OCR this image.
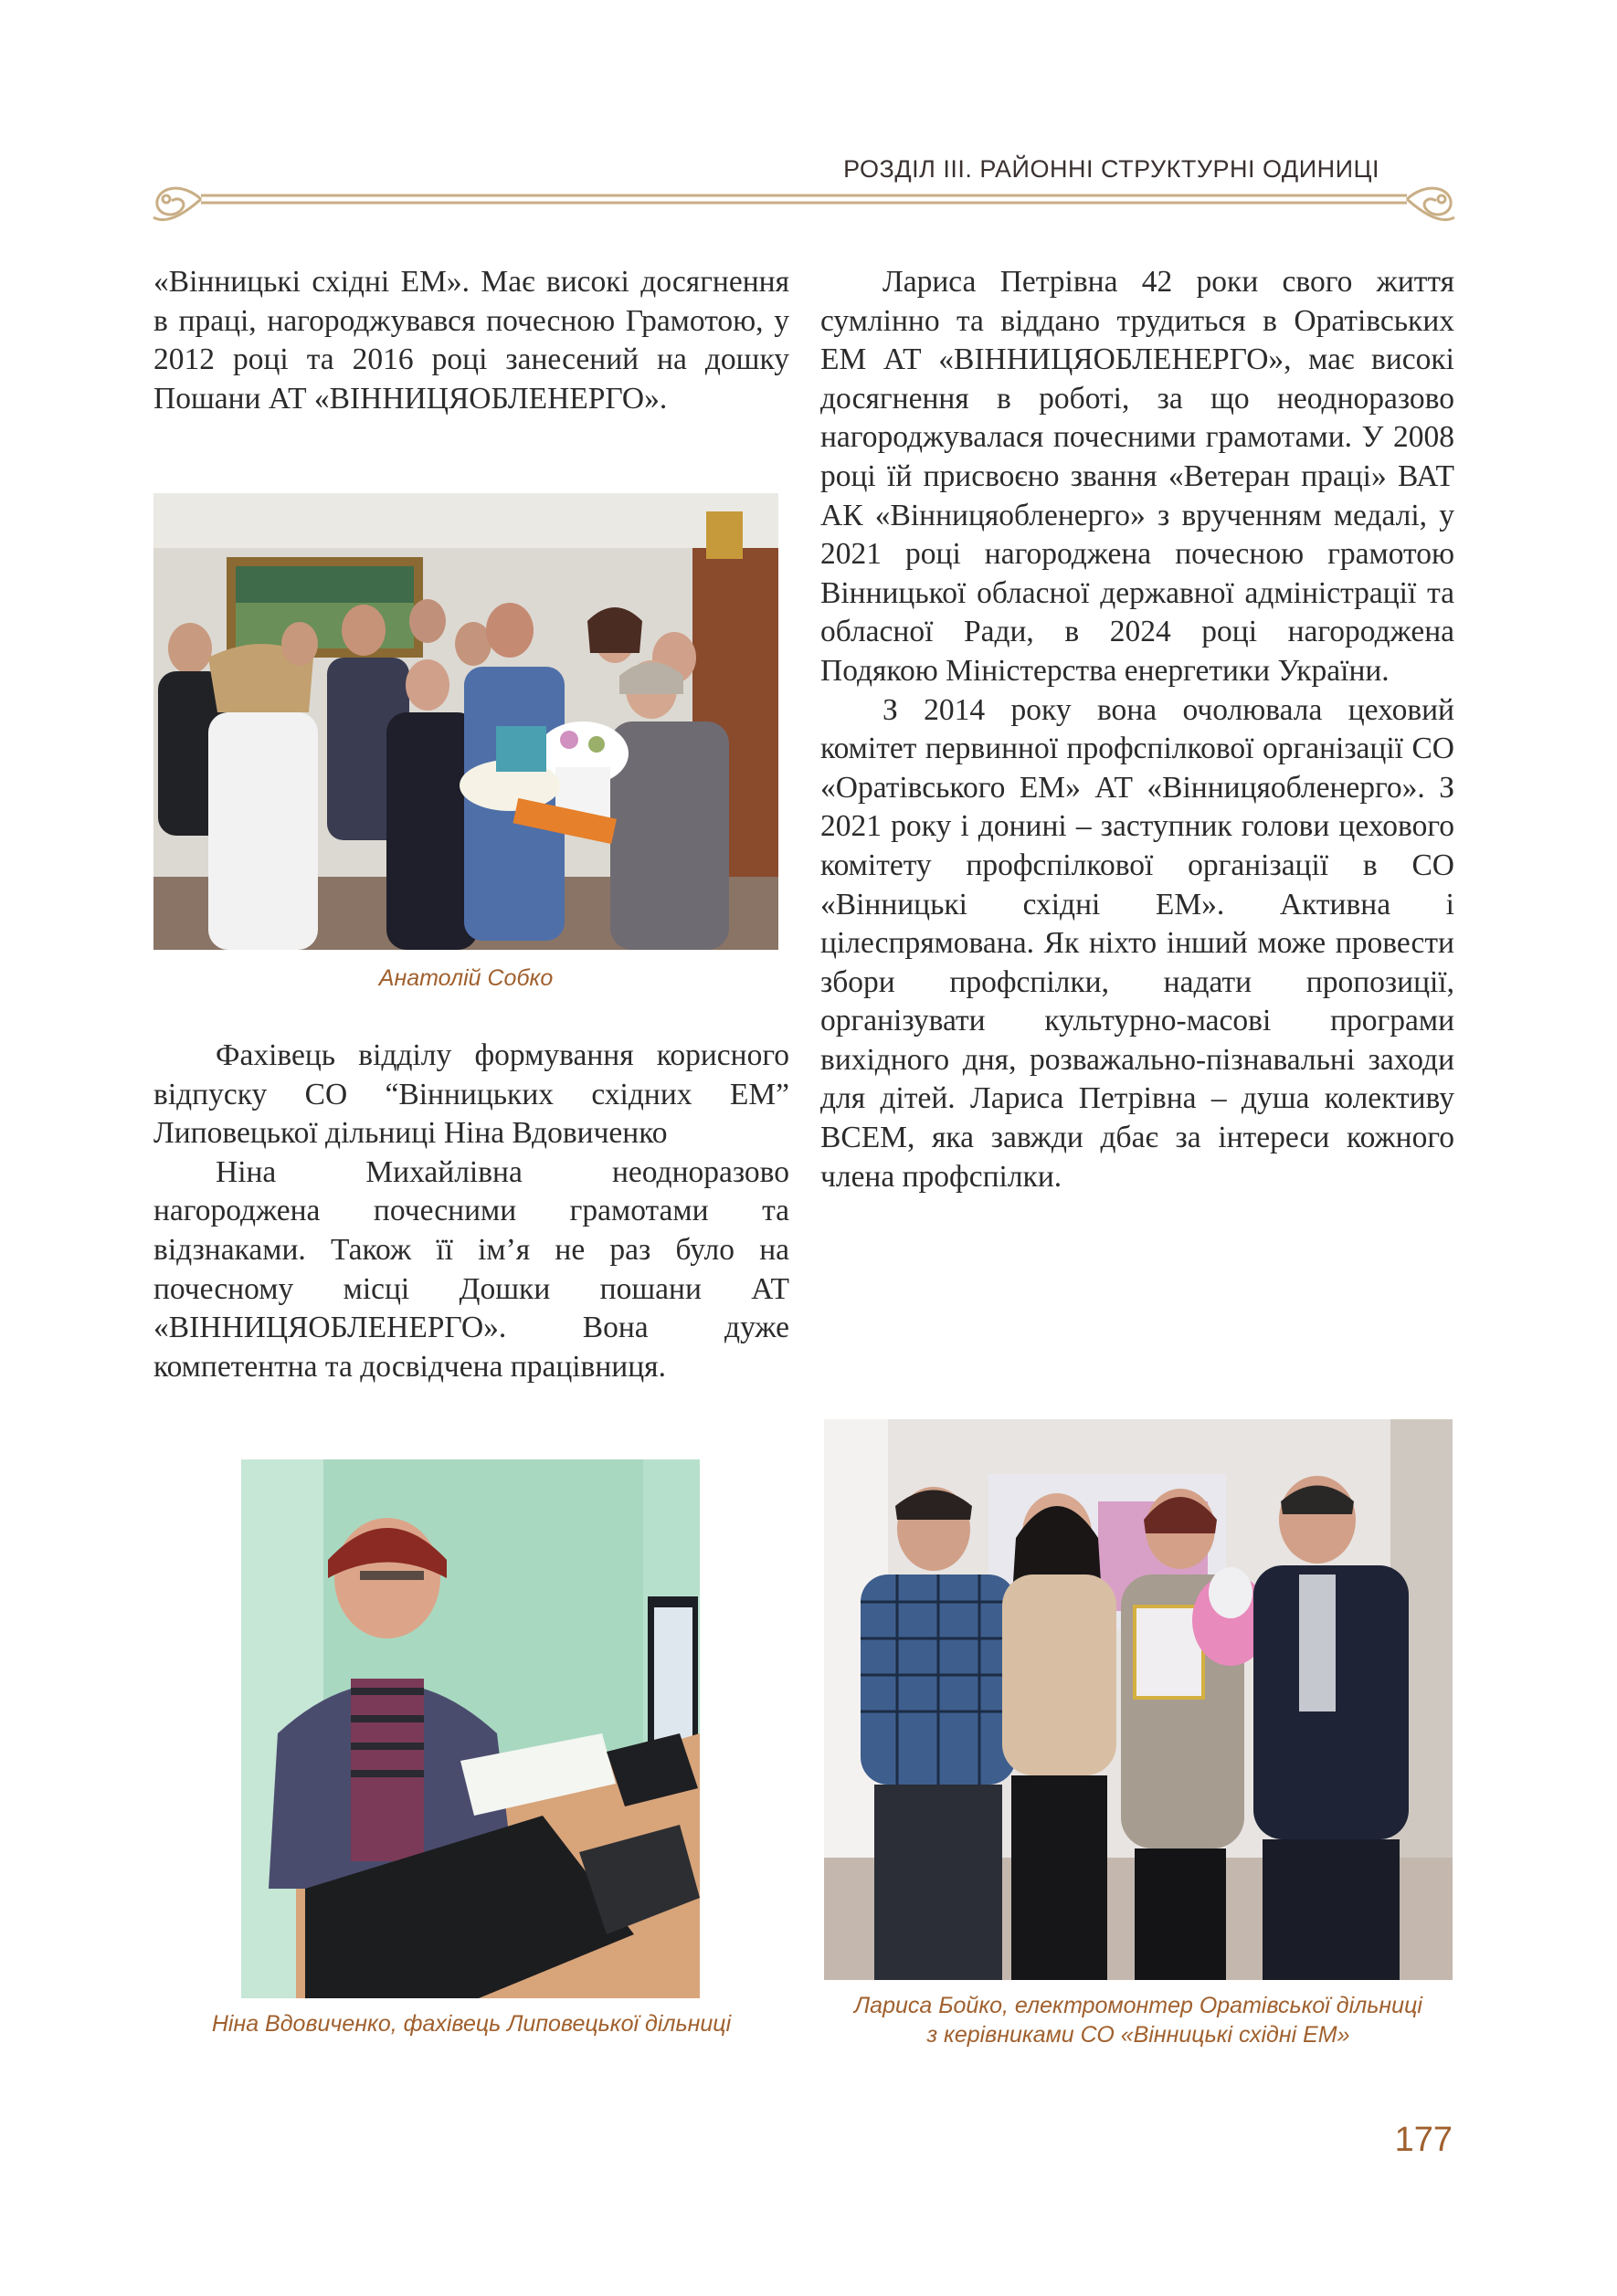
РОЗДІЛ ІІІ. РАЙОННІ СТРУКТУРНІ ОДИНИЦІ

«Вінницькі східні ЕМ». Має високі досягнення в праці, нагороджувався почесною Грамотою, у 2012 році та 2016 році занесений на дошку Пошани АТ «ВІННИЦЯОБЛЕНЕРГО».

Анатолій Собко

Фахівець відділу формування корисного відпуску СО “Вінницьких східних ЕМ” Липовецької дільниці Ніна Вдовиченко

Ніна Михайлівна неодноразово нагороджена почесними грамотами та відзнаками. Також її ім’я не раз було на почесному місці Дошки пошани АТ «ВІННИЦЯОБЛЕНЕРГО». Вона дуже компетентна та досвідчена працівниця.

Ніна Вдовиченко, фахівець Липовецької дільниці

Лариса Петрівна 42 роки свого життя сумлінно та віддано трудиться в Оратівських ЕМ АТ «ВІННИЦЯОБЛЕНЕРГО», має високі досягнення в роботі, за що неодноразово нагороджувалася почесними грамотами. У 2008 році їй присвоєно звання «Ветеран праці» ВАТ АК «Вінницяобленерго» з врученням медалі, у 2021 році нагороджена почесною грамотою Вінницької обласної державної адміністрації та обласної Ради, в 2024 році нагороджена Подякою Міністерства енергетики України.

З 2014 року вона очолювала цеховий комітет первинної профспілкової організації СО «Оратівського ЕМ» АТ «Вінницяобленерго». З 2021 року і донині – заступник голови цехового комітету профспілкової організації в СО «Вінницькі східні ЕМ». Активна і цілеспрямована. Як ніхто інший може провести збори профспілки, надати пропозиції, організувати культурно-масові програми вихідного дня, розважально-пізнавальні заходи для дітей. Лариса Петрівна – душа колективу ВСЕМ, яка завжди дбає за інтереси кожного члена профспілки.

Лариса Бойко, електромонтер Оратівської дільниці
з керівниками СО «Вінницькі східні ЕМ»
177
